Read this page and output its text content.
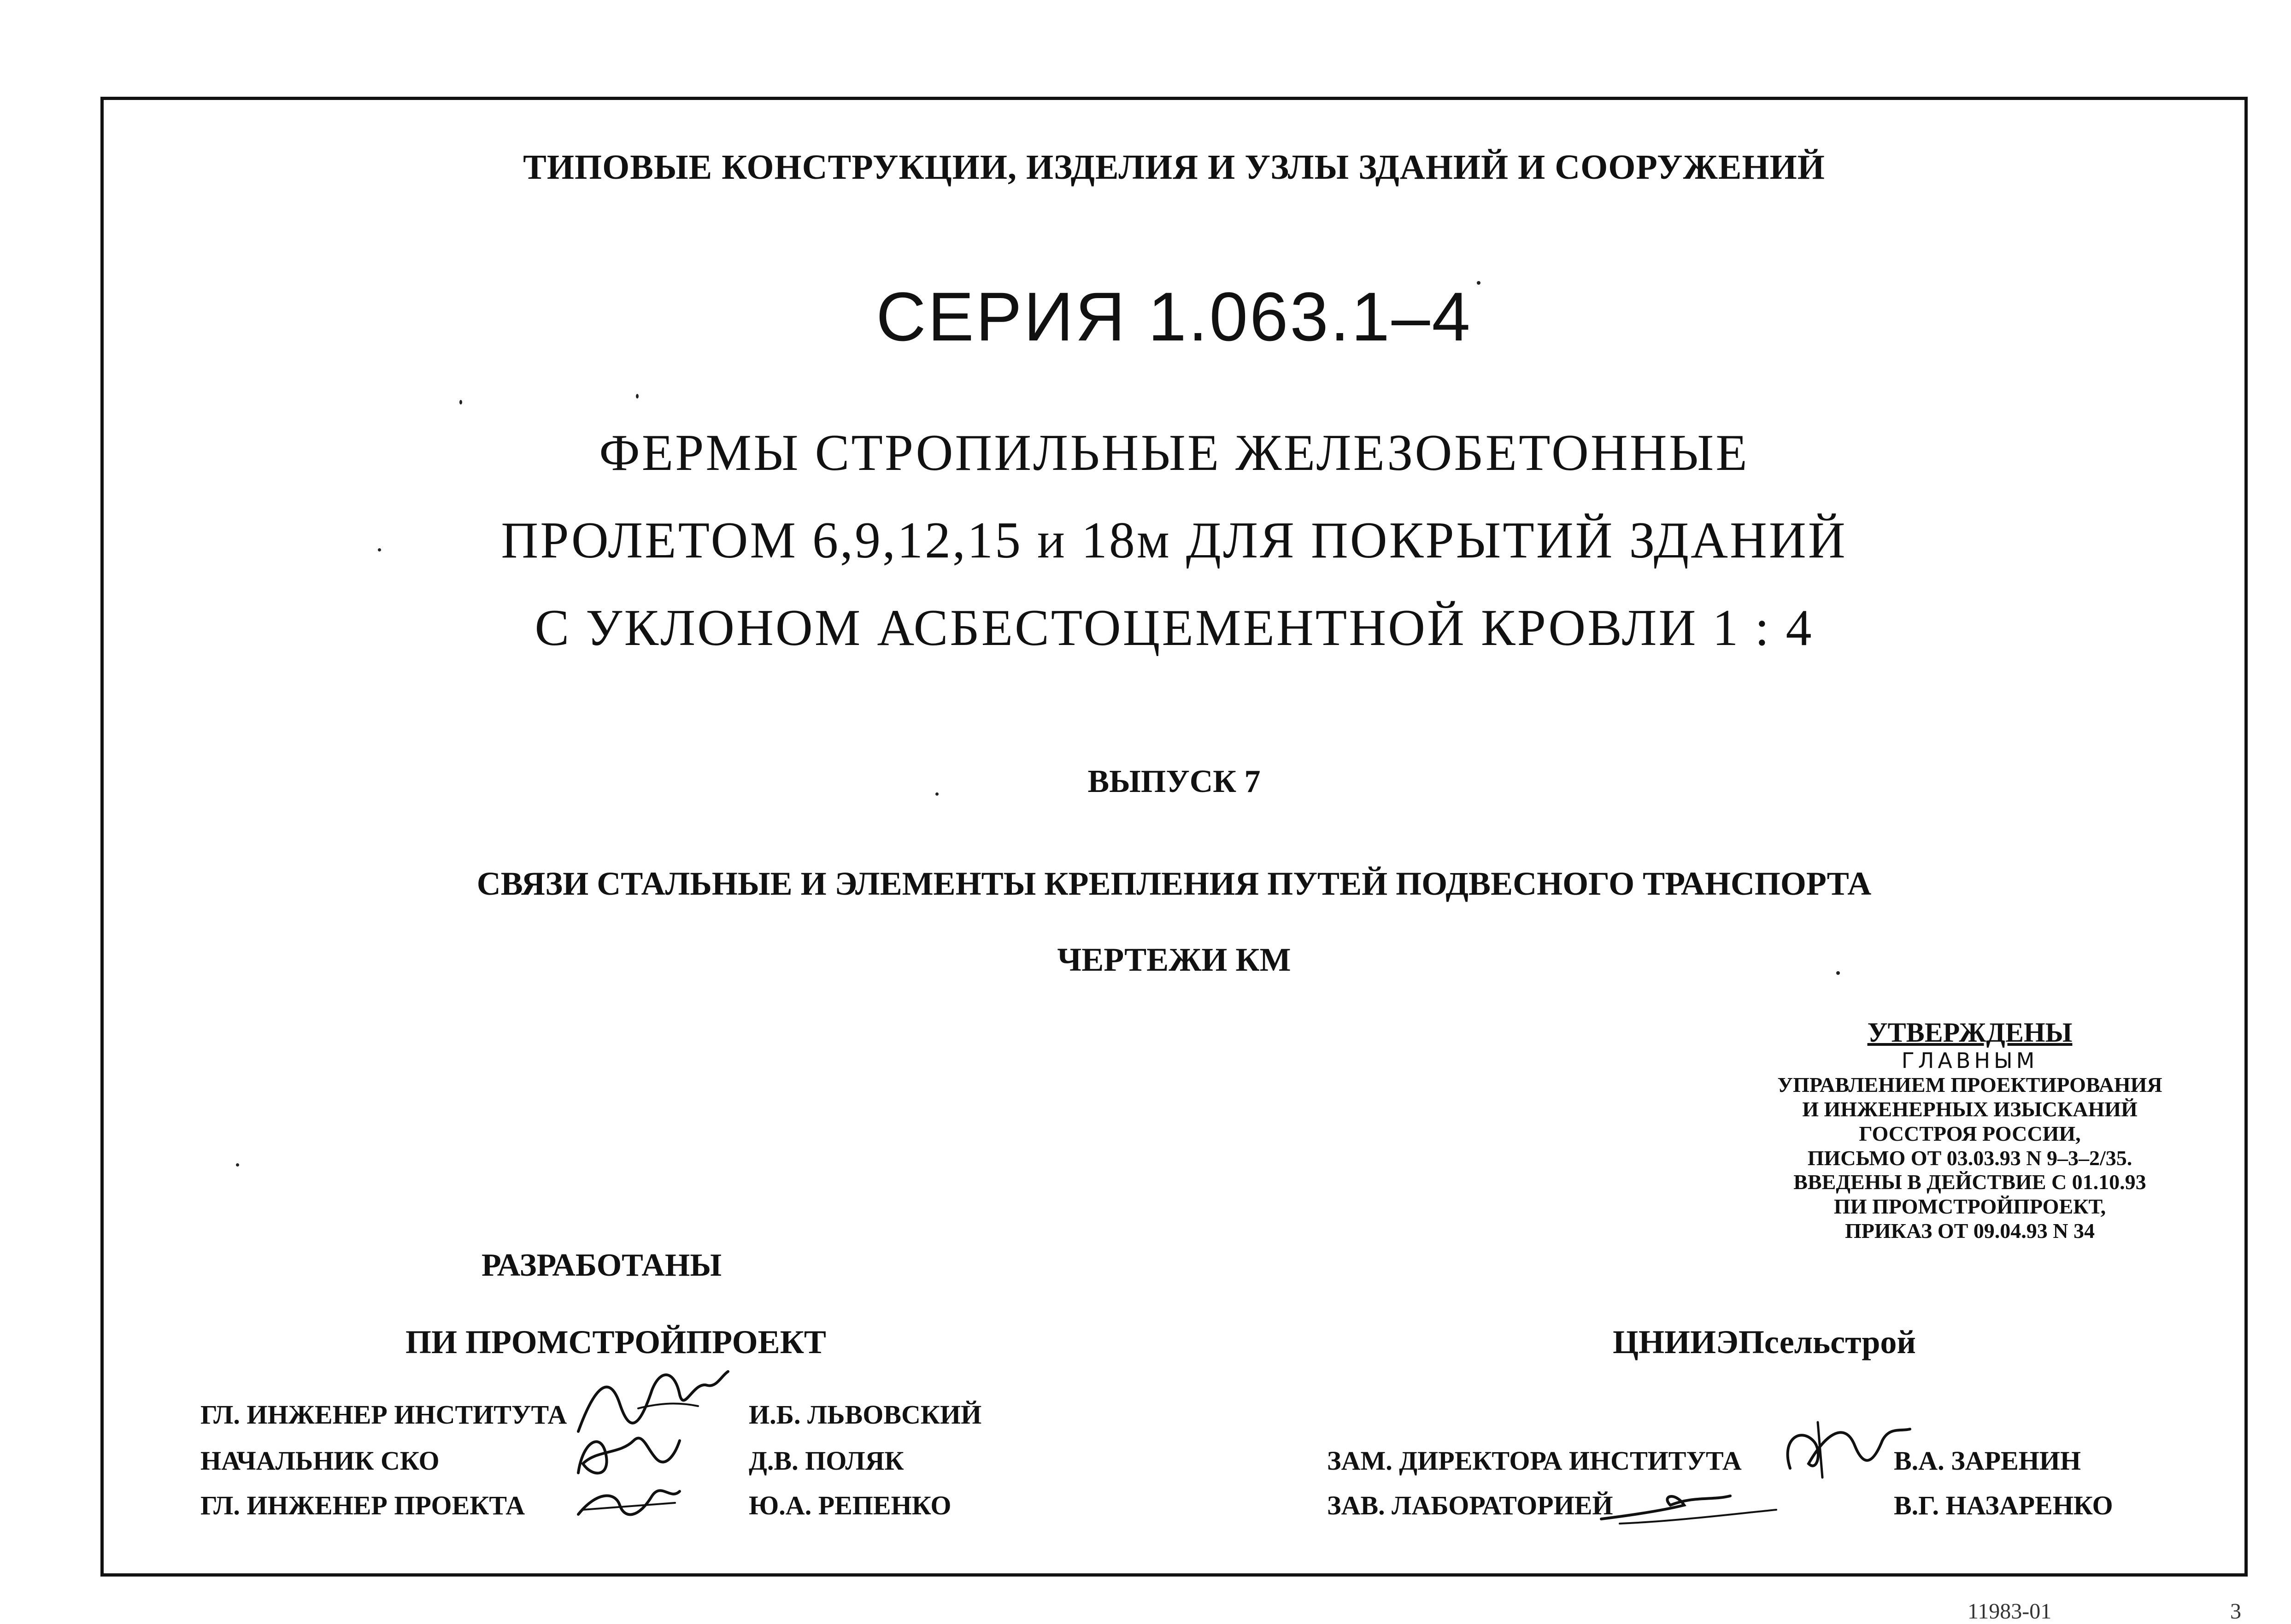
ТИПОВЫЕ КОНСТРУКЦИИ, ИЗДЕЛИЯ И УЗЛЫ ЗДАНИЙ И СООРУЖЕНИЙ
СЕРИЯ 1.063.1–4
ФЕРМЫ СТРОПИЛЬНЫЕ ЖЕЛЕЗОБЕТОННЫЕ
ПРОЛЕТОМ 6,9,12,15 и 18м ДЛЯ ПОКРЫТИЙ ЗДАНИЙ
С УКЛОНОМ АСБЕСТОЦЕМЕНТНОЙ КРОВЛИ 1 : 4
ВЫПУСК 7
СВЯЗИ СТАЛЬНЫЕ И ЭЛЕМЕНТЫ КРЕПЛЕНИЯ ПУТЕЙ ПОДВЕСНОГО ТРАНСПОРТА
ЧЕРТЕЖИ КМ
УТВЕРЖДЕНЫ
ГЛАВНЫМ
УПРАВЛЕНИЕМ ПРОЕКТИРОВАНИЯ
И ИНЖЕНЕРНЫХ ИЗЫСКАНИЙ
ГОССТРОЯ РОССИИ,
ПИСЬМО ОТ 03.03.93 N 9–3–2/35.
ВВЕДЕНЫ В ДЕЙСТВИЕ С 01.10.93
ПИ ПРОМСТРОЙПРОЕКТ,
ПРИКАЗ ОТ 09.04.93 N 34
РАЗРАБОТАНЫ
ПИ ПРОМСТРОЙПРОЕКТ	ЦНИИЭПсельстрой
ГЛ. ИНЖЕНЕР ИНСТИТУТА
НАЧАЛЬНИК СКО
ГЛ. ИНЖЕНЕР ПРОЕКТА
И.Б. ЛЬВОВСКИЙ
Д.В. ПОЛЯК
Ю.А. РЕПЕНКО
ЗАМ. ДИРЕКТОРА ИНСТИТУТА
ЗАВ. ЛАБОРАТОРИЕЙ
В.А. ЗАРЕНИН
В.Г. НАЗАРЕНКО
11983-01	3
